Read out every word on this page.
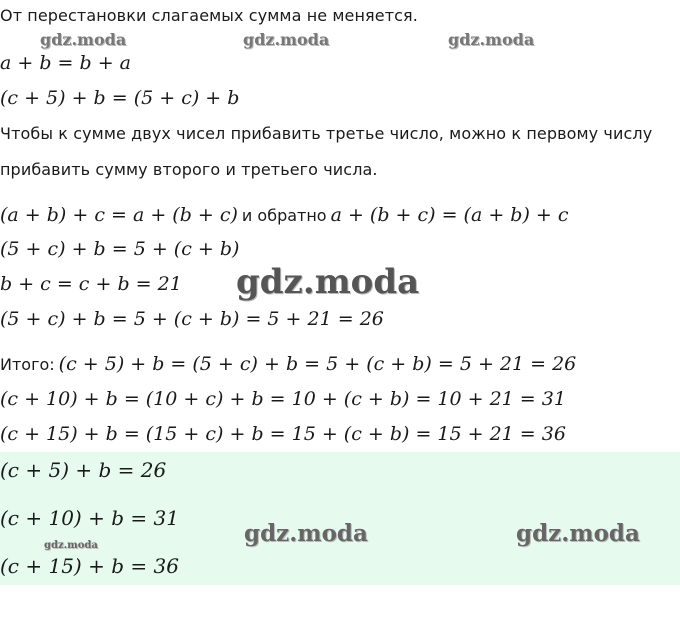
От перестановки слагаемых сумма не меняется.
gdz.moda	gdz.moda	gdz.moda
a + b = b + a
(c + 5) + b = (5 + c) + b
Чтобы к сумме двух чисел прибавить третье число, можно к первому числу
прибавить сумму второго и третьего числа.
(a + b) + c = a + (b + c) и обратно a + (b + c) = (a + b) + c
(5 + c) + b = 5 + (c + b)
b + c = c + b = 21 gdz.moda
(5 + c) + b = 5 + (c + b) = 5 + 21 = 26
Итого: (c + 5) + b = (5 + c) + b = 5 + (c + b) = 5 + 21 = 26
(c + 10) + b = (10 + c) + b = 10 + (c + b) = 10 + 21 = 31
(c + 15) + b = (15 + c) + b = 15 + (c + b) = 15 + 21 = 36
(c + 5) + b = 26
(c + 10) + b = 31
gdz.moda
(c + 15) + b = 36
gdz.moda	gdz.moda
